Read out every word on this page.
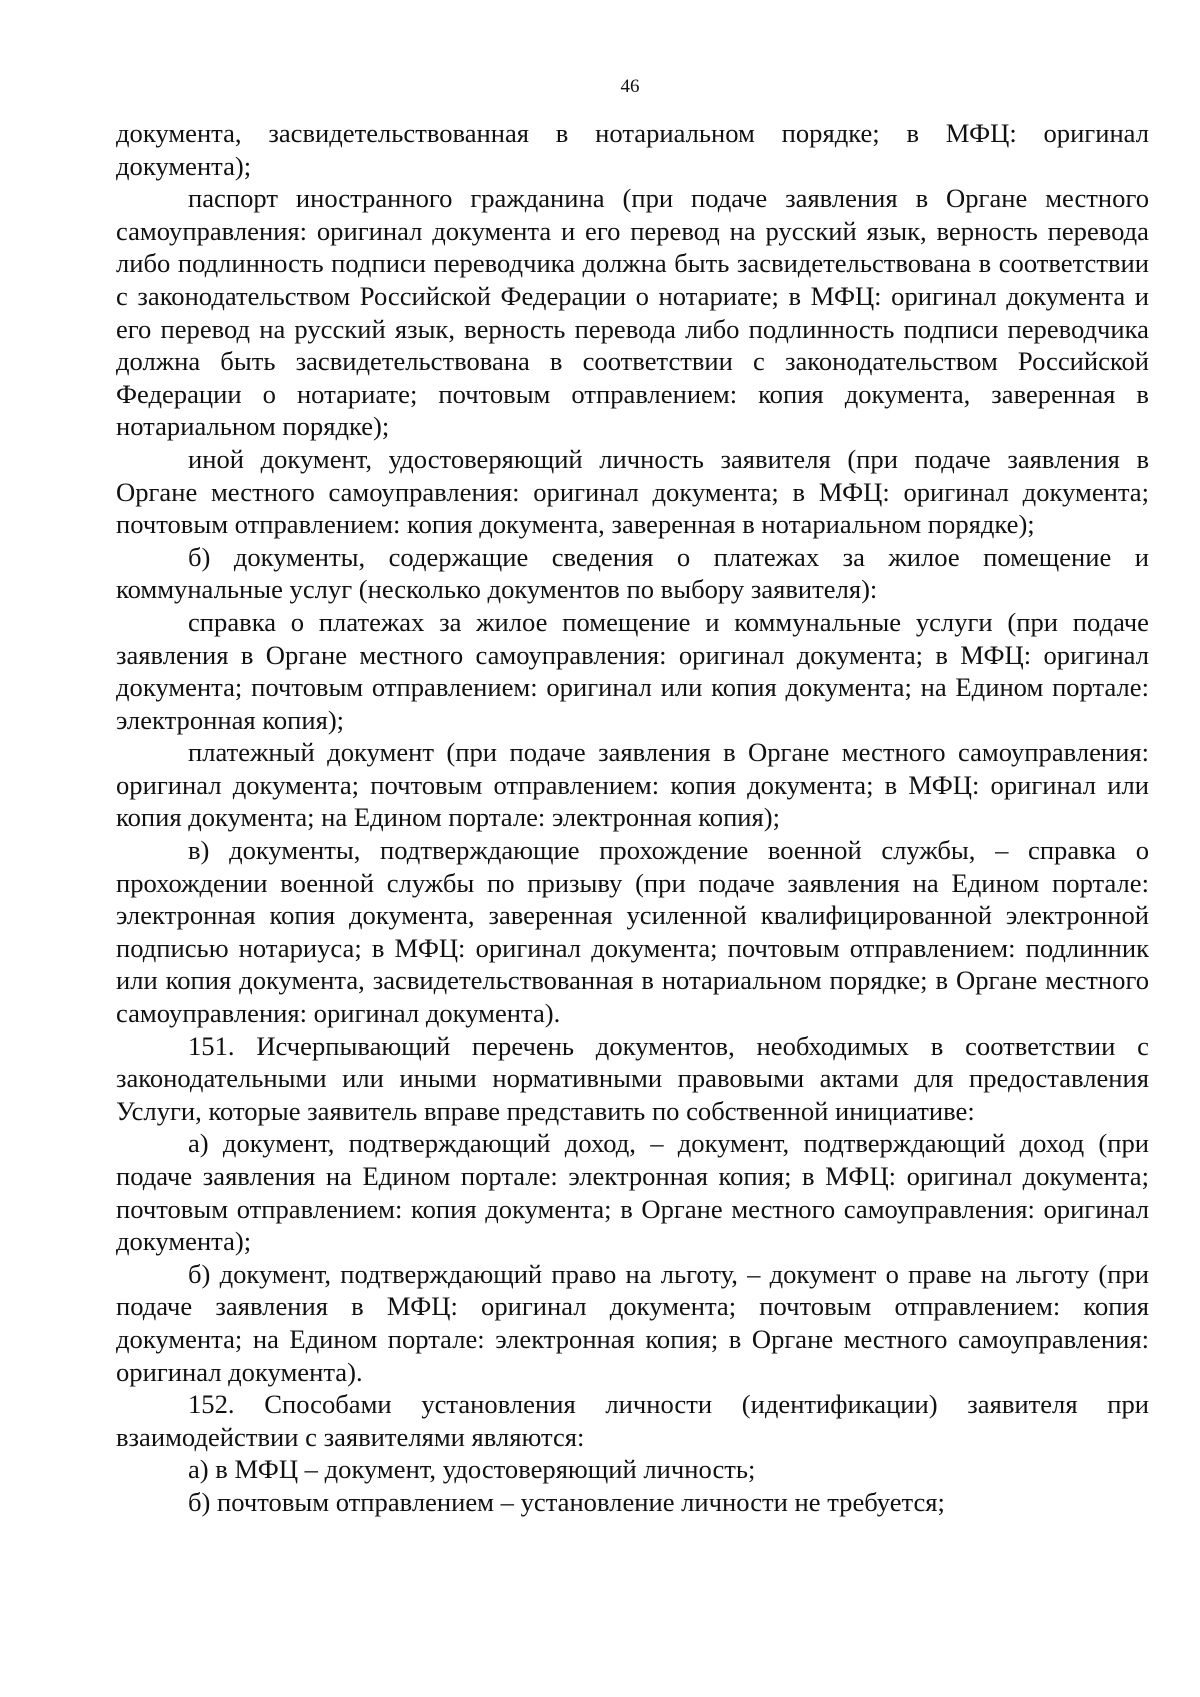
46

документа, засвидетельствованная в нотариальном порядке; в МФЦ: оригинал документа);

паспорт иностранного гражданина (при подаче заявления в Органе местного самоуправления: оригинал документа и его перевод на русский язык, верность перевода либо подлинность подписи переводчика должна быть засвидетельствована в соответствии с законодательством Российской Федерации о нотариате; в МФЦ: оригинал документа и его перевод на русский язык, верность перевода либо подлинность подписи переводчика должна быть засвидетельствована в соответствии с законодательством Российской Федерации о нотариате; почтовым отправлением: копия документа, заверенная в нотариальном порядке);

иной документ, удостоверяющий личность заявителя (при подаче заявления в Органе местного самоуправления: оригинал документа; в МФЦ: оригинал документа; почтовым отправлением: копия документа, заверенная в нотариальном порядке);

б) документы, содержащие сведения о платежах за жилое помещение и коммунальные услуг (несколько документов по выбору заявителя):

справка о платежах за жилое помещение и коммунальные услуги (при подаче заявления в Органе местного самоуправления: оригинал документа; в МФЦ: оригинал документа; почтовым отправлением: оригинал или копия документа; на Едином портале: электронная копия);

платежный документ (при подаче заявления в Органе местного самоуправления: оригинал документа; почтовым отправлением: копия документа; в МФЦ: оригинал или копия документа; на Едином портале: электронная копия);

в) документы, подтверждающие прохождение военной службы, – справка о прохождении военной службы по призыву (при подаче заявления на Едином портале: электронная копия документа, заверенная усиленной квалифицированной электронной подписью нотариуса; в МФЦ: оригинал документа; почтовым отправлением: подлинник или копия документа, засвидетельствованная в нотариальном порядке; в Органе местного самоуправления: оригинал документа).

151. Исчерпывающий перечень документов, необходимых в соответствии с законодательными или иными нормативными правовыми актами для предоставления Услуги, которые заявитель вправе представить по собственной инициативе:

а) документ, подтверждающий доход, – документ, подтверждающий доход (при подаче заявления на Едином портале: электронная копия; в МФЦ: оригинал документа; почтовым отправлением: копия документа; в Органе местного самоуправления: оригинал документа);

б) документ, подтверждающий право на льготу, – документ о праве на льготу (при подаче заявления в МФЦ: оригинал документа; почтовым отправлением: копия документа; на Едином портале: электронная копия; в Органе местного самоуправления: оригинал документа).

152. Способами установления личности (идентификации) заявителя при взаимодействии с заявителями являются:

а) в МФЦ – документ, удостоверяющий личность;

б) почтовым отправлением – установление личности не требуется;
